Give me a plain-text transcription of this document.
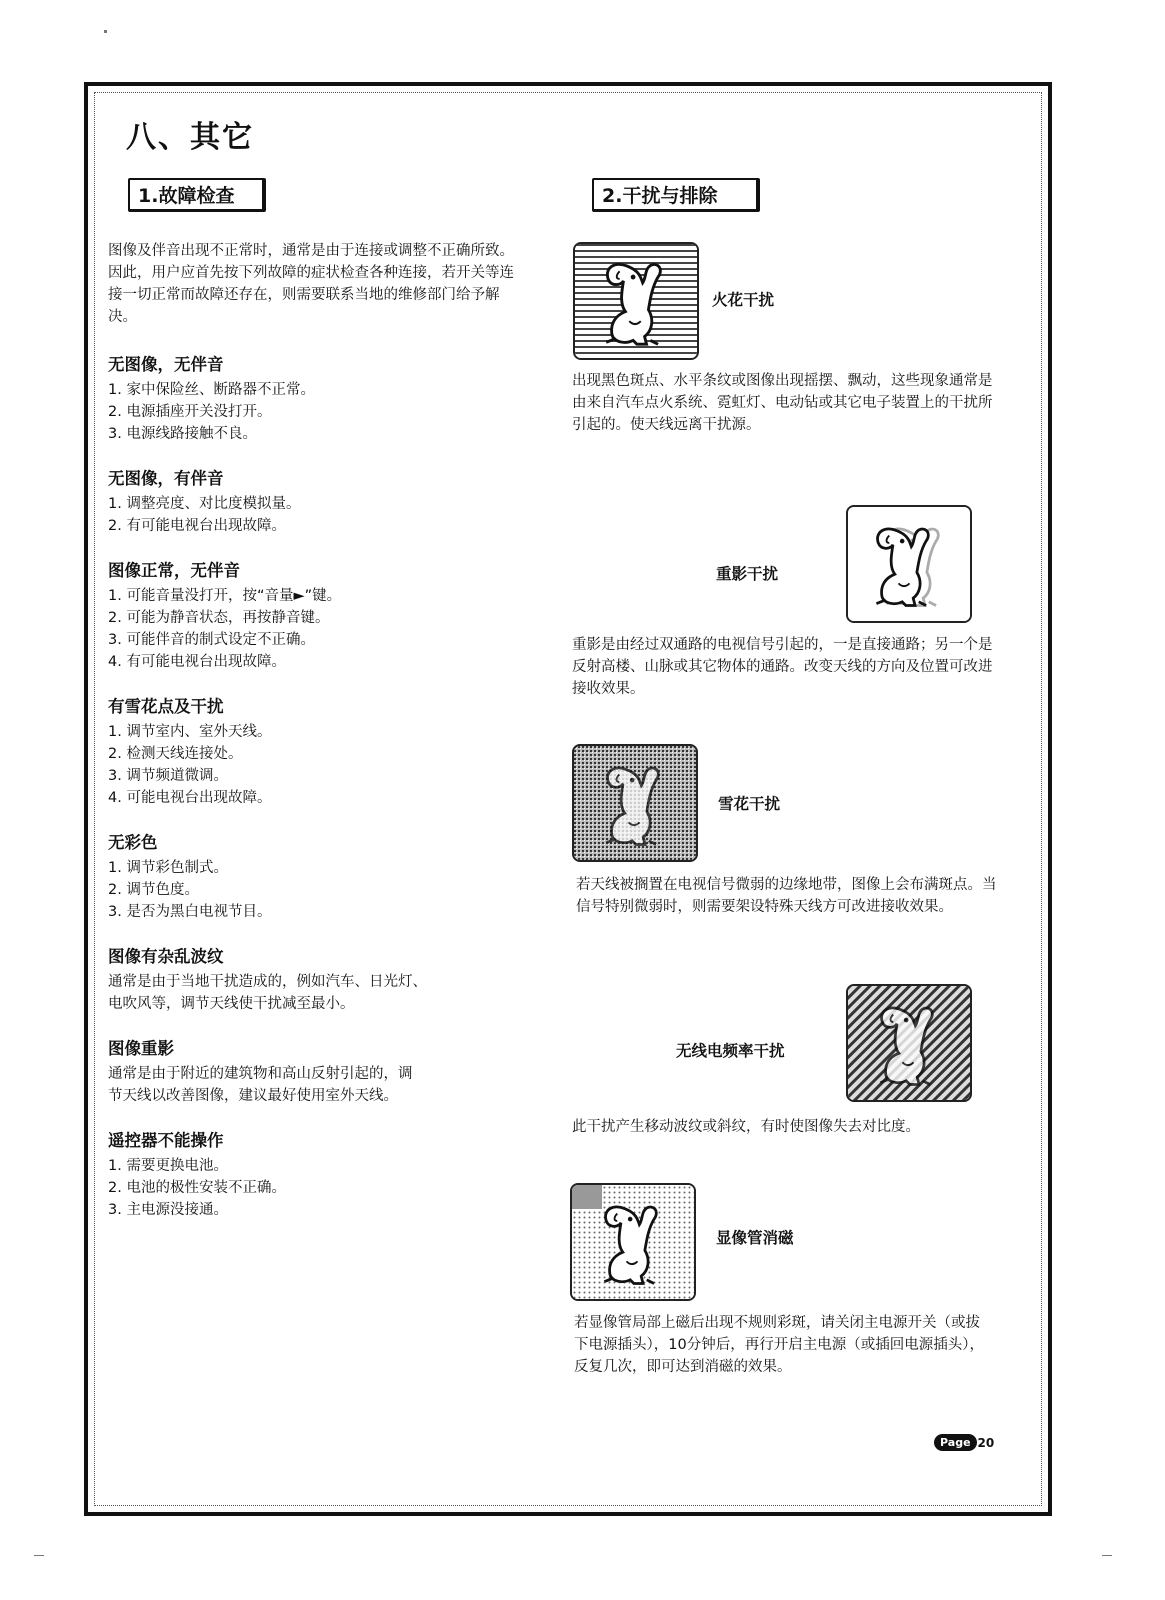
八、其它
1.故障检查	2.干扰与排除

图像及伴音出现不正常时，通常是由于连接或调整不正确所致。因此，用户应首先按下列故障的症状检查各种连接，若开关等连接一切正常而故障还存在，则需要联系当地的维修部门给予解决。

无图像，无伴音
1. 家中保险丝、断路器不正常。
2. 电源插座开关没打开。
3. 电源线路接触不良。
无图像，有伴音
1. 调整亮度、对比度模拟量。
2. 有可能电视台出现故障。
图像正常，无伴音
1. 可能音量没打开，按“音量►”键。
2. 可能为静音状态，再按静音键。
3. 可能伴音的制式设定不正确。
4. 有可能电视台出现故障。
有雪花点及干扰
1. 调节室内、室外天线。
2. 检测天线连接处。
3. 调节频道微调。
4. 可能电视台出现故障。
无彩色
1. 调节彩色制式。
2. 调节色度。
3. 是否为黑白电视节目。
图像有杂乱波纹
通常是由于当地干扰造成的，例如汽车、日光灯、
电吹风等，调节天线使干扰减至最小。
图像重影
通常是由于附近的建筑物和高山反射引起的，调
节天线以改善图像，建议最好使用室外天线。
遥控器不能操作
1. 需要更换电池。
2. 电池的极性安装不正确。
3. 主电源没接通。
火花干扰
出现黑色斑点、水平条纹或图像出现摇摆、飘动，这些现象通常是由来自汽车点火系统、霓虹灯、电动钻或其它电子装置上的干扰所引起的。使天线远离干扰源。
重影干扰
重影是由经过双通路的电视信号引起的，一是直接通路；另一个是反射高楼、山脉或其它物体的通路。改变天线的方向及位置可改进接收效果。
雪花干扰
若天线被搁置在电视信号微弱的边缘地带，图像上会布满斑点。当信号特别微弱时，则需要架设特殊天线方可改进接收效果。
无线电频率干扰
此干扰产生移动波纹或斜纹，有时使图像失去对比度。
显像管消磁
若显像管局部上磁后出现不规则彩斑，请关闭主电源开关（或拔下电源插头），10分钟后，再行开启主电源（或插回电源插头），反复几次，即可达到消磁的效果。
Page 20
